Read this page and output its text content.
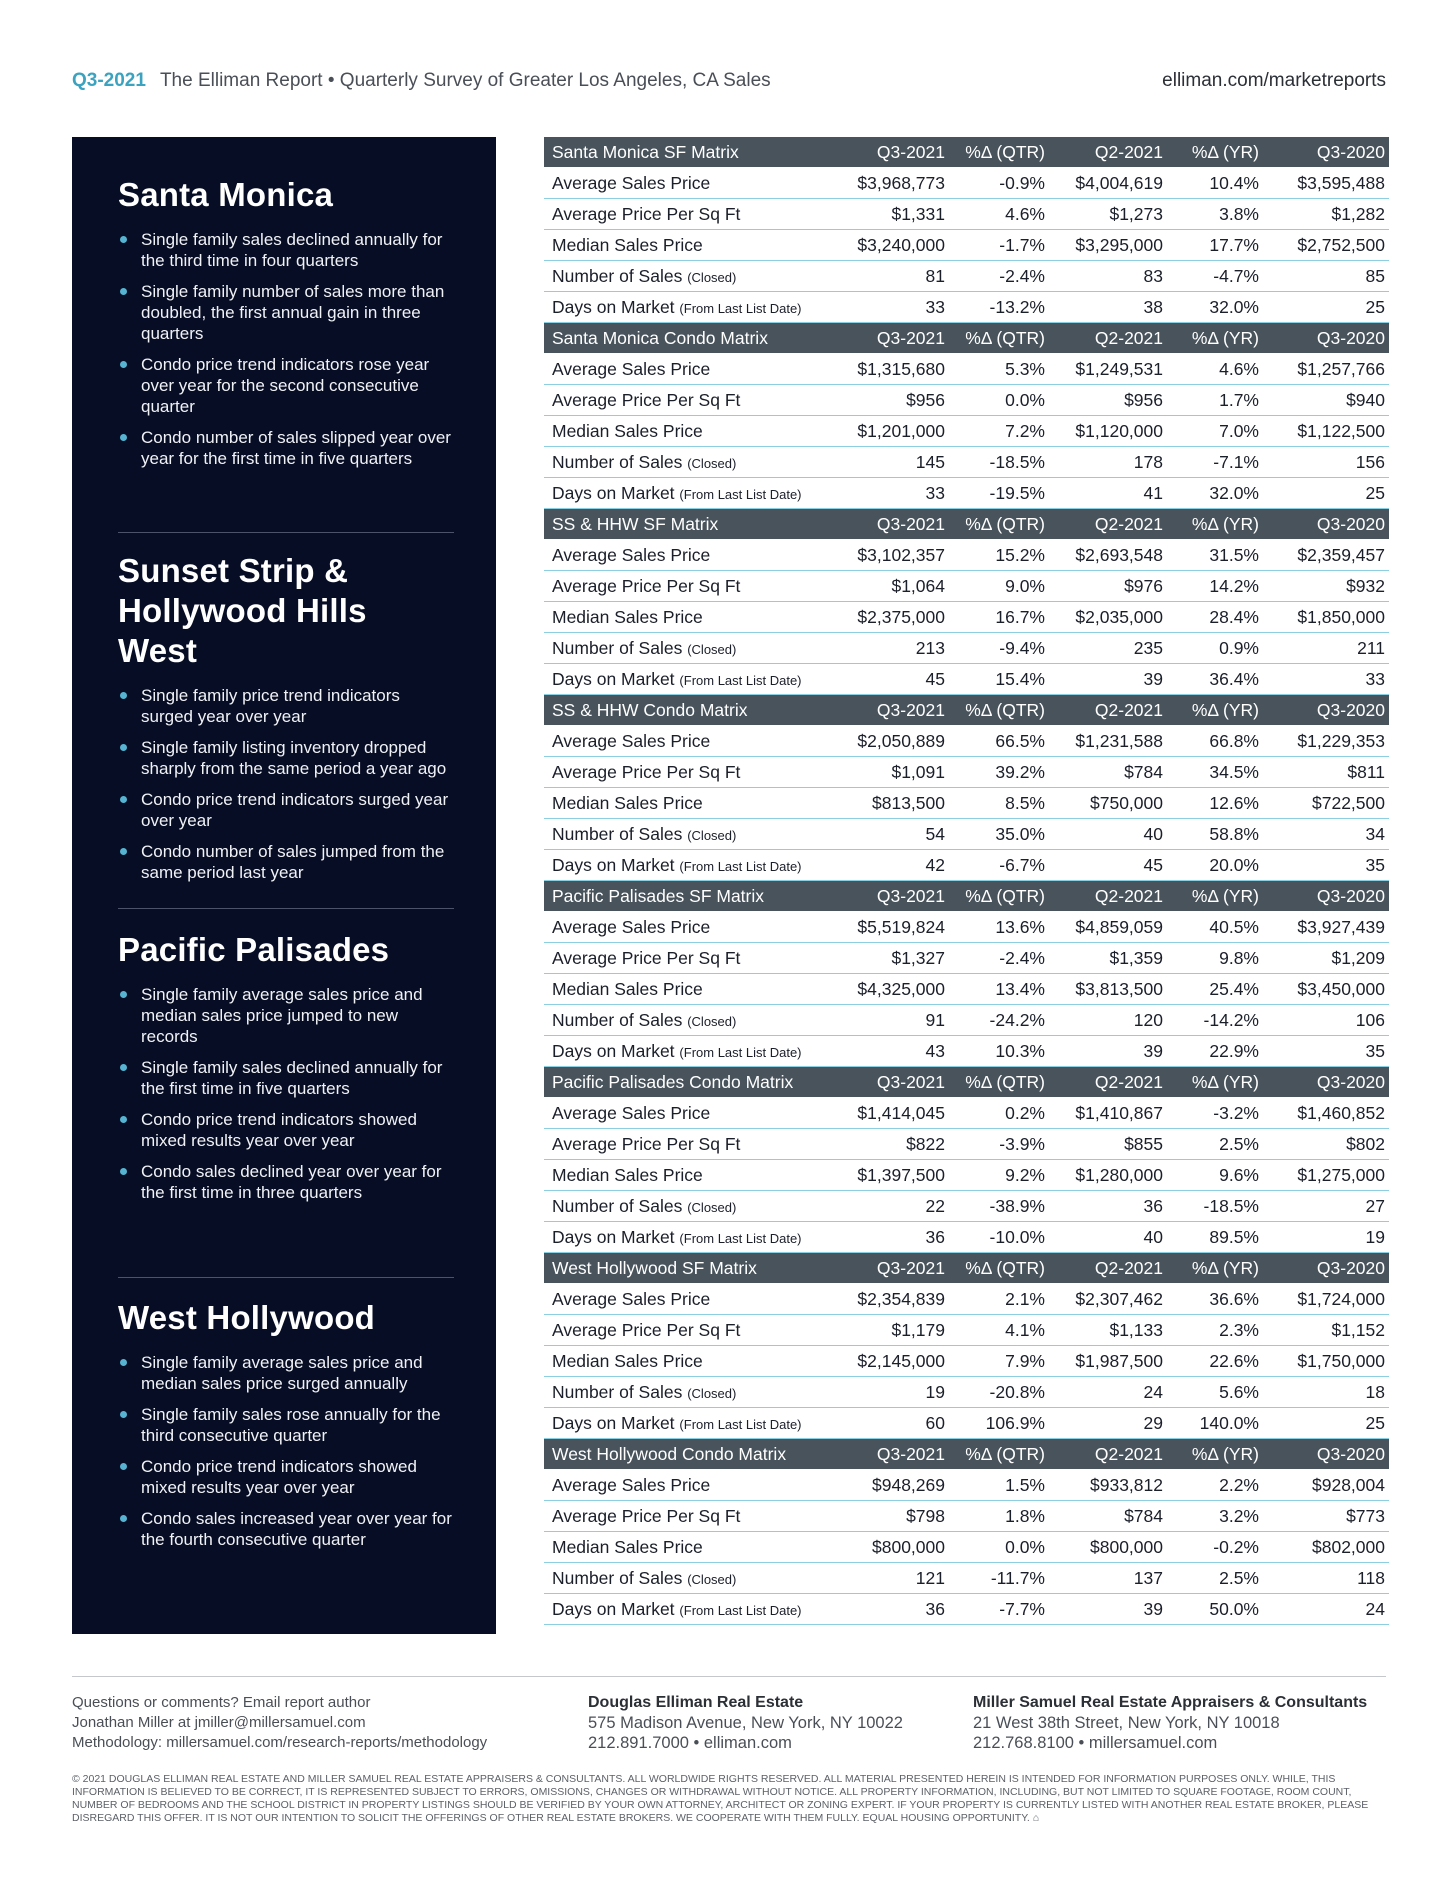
Q3-2021 The Elliman Report • Quarterly Survey of Greater Los Angeles, CA Sales	elliman.com/marketreports
Santa Monica
Single family sales declined annually for the third time in four quarters
Single family number of sales more than doubled, the first annual gain in three quarters
Condo price trend indicators rose year over year for the second consecutive quarter
Condo number of sales slipped year over year for the first time in five quarters
Sunset Strip & Hollywood Hills West
Single family price trend indicators surged year over year
Single family listing inventory dropped sharply from the same period a year ago
Condo price trend indicators surged year over year
Condo number of sales jumped from the same period last year
Pacific Palisades
Single family average sales price and median sales price jumped to new records
Single family sales declined annually for the first time in five quarters
Condo price trend indicators showed mixed results year over year
Condo sales declined year over year for the first time in three quarters
West Hollywood
Single family average sales price and median sales price surged annually
Single family sales rose annually for the third consecutive quarter
Condo price trend indicators showed mixed results year over year
Condo sales increased year over year for the fourth consecutive quarter
Santa Monica SF Matrix	Q3-2021	%Δ (QTR)	Q2-2021	%Δ (YR)	Q3-2020
Average Sales Price	$3,968,773	-0.9%	$4,004,619	10.4%	$3,595,488
Average Price Per Sq Ft	$1,331	4.6%	$1,273	3.8%	$1,282
Median Sales Price	$3,240,000	-1.7%	$3,295,000	17.7%	$2,752,500
Number of Sales (Closed)	81	-2.4%	83	-4.7%	85
Days on Market (From Last List Date)	33	-13.2%	38	32.0%	25
Santa Monica Condo Matrix	Q3-2021	%Δ (QTR)	Q2-2021	%Δ (YR)	Q3-2020
Average Sales Price	$1,315,680	5.3%	$1,249,531	4.6%	$1,257,766
Average Price Per Sq Ft	$956	0.0%	$956	1.7%	$940
Median Sales Price	$1,201,000	7.2%	$1,120,000	7.0%	$1,122,500
Number of Sales (Closed)	145	-18.5%	178	-7.1%	156
Days on Market (From Last List Date)	33	-19.5%	41	32.0%	25
SS & HHW SF Matrix	Q3-2021	%Δ (QTR)	Q2-2021	%Δ (YR)	Q3-2020
Average Sales Price	$3,102,357	15.2%	$2,693,548	31.5%	$2,359,457
Average Price Per Sq Ft	$1,064	9.0%	$976	14.2%	$932
Median Sales Price	$2,375,000	16.7%	$2,035,000	28.4%	$1,850,000
Number of Sales (Closed)	213	-9.4%	235	0.9%	211
Days on Market (From Last List Date)	45	15.4%	39	36.4%	33
SS & HHW Condo Matrix	Q3-2021	%Δ (QTR)	Q2-2021	%Δ (YR)	Q3-2020
Average Sales Price	$2,050,889	66.5%	$1,231,588	66.8%	$1,229,353
Average Price Per Sq Ft	$1,091	39.2%	$784	34.5%	$811
Median Sales Price	$813,500	8.5%	$750,000	12.6%	$722,500
Number of Sales (Closed)	54	35.0%	40	58.8%	34
Days on Market (From Last List Date)	42	-6.7%	45	20.0%	35
Pacific Palisades SF Matrix	Q3-2021	%Δ (QTR)	Q2-2021	%Δ (YR)	Q3-2020
Average Sales Price	$5,519,824	13.6%	$4,859,059	40.5%	$3,927,439
Average Price Per Sq Ft	$1,327	-2.4%	$1,359	9.8%	$1,209
Median Sales Price	$4,325,000	13.4%	$3,813,500	25.4%	$3,450,000
Number of Sales (Closed)	91	-24.2%	120	-14.2%	106
Days on Market (From Last List Date)	43	10.3%	39	22.9%	35
Pacific Palisades Condo Matrix	Q3-2021	%Δ (QTR)	Q2-2021	%Δ (YR)	Q3-2020
Average Sales Price	$1,414,045	0.2%	$1,410,867	-3.2%	$1,460,852
Average Price Per Sq Ft	$822	-3.9%	$855	2.5%	$802
Median Sales Price	$1,397,500	9.2%	$1,280,000	9.6%	$1,275,000
Number of Sales (Closed)	22	-38.9%	36	-18.5%	27
Days on Market (From Last List Date)	36	-10.0%	40	89.5%	19
West Hollywood SF Matrix	Q3-2021	%Δ (QTR)	Q2-2021	%Δ (YR)	Q3-2020
Average Sales Price	$2,354,839	2.1%	$2,307,462	36.6%	$1,724,000
Average Price Per Sq Ft	$1,179	4.1%	$1,133	2.3%	$1,152
Median Sales Price	$2,145,000	7.9%	$1,987,500	22.6%	$1,750,000
Number of Sales (Closed)	19	-20.8%	24	5.6%	18
Days on Market (From Last List Date)	60	106.9%	29	140.0%	25
West Hollywood Condo Matrix	Q3-2021	%Δ (QTR)	Q2-2021	%Δ (YR)	Q3-2020
Average Sales Price	$948,269	1.5%	$933,812	2.2%	$928,004
Average Price Per Sq Ft	$798	1.8%	$784	3.2%	$773
Median Sales Price	$800,000	0.0%	$800,000	-0.2%	$802,000
Number of Sales (Closed)	121	-11.7%	137	2.5%	118
Days on Market (From Last List Date)	36	-7.7%	39	50.0%	24
Questions or comments? Email report author
Jonathan Miller at jmiller@millersamuel.com
Methodology: millersamuel.com/research-reports/methodology
Douglas Elliman Real Estate
575 Madison Avenue, New York, NY 10022
212.891.7000 • elliman.com
Miller Samuel Real Estate Appraisers & Consultants
21 West 38th Street, New York, NY 10018
212.768.8100 • millersamuel.com
© 2021 DOUGLAS ELLIMAN REAL ESTATE AND MILLER SAMUEL REAL ESTATE APPRAISERS & CONSULTANTS. ALL WORLDWIDE RIGHTS RESERVED. ALL MATERIAL PRESENTED HEREIN IS INTENDED FOR INFORMATION PURPOSES ONLY. WHILE, THIS INFORMATION IS BELIEVED TO BE CORRECT, IT IS REPRESENTED SUBJECT TO ERRORS, OMISSIONS, CHANGES OR WITHDRAWAL WITHOUT NOTICE. ALL PROPERTY INFORMATION, INCLUDING, BUT NOT LIMITED TO SQUARE FOOTAGE, ROOM COUNT, NUMBER OF BEDROOMS AND THE SCHOOL DISTRICT IN PROPERTY LISTINGS SHOULD BE VERIFIED BY YOUR OWN ATTORNEY, ARCHITECT OR ZONING EXPERT. IF YOUR PROPERTY IS CURRENTLY LISTED WITH ANOTHER REAL ESTATE BROKER, PLEASE DISREGARD THIS OFFER. IT IS NOT OUR INTENTION TO SOLICIT THE OFFERINGS OF OTHER REAL ESTATE BROKERS. WE COOPERATE WITH THEM FULLY. EQUAL HOUSING OPPORTUNITY. ⌂
